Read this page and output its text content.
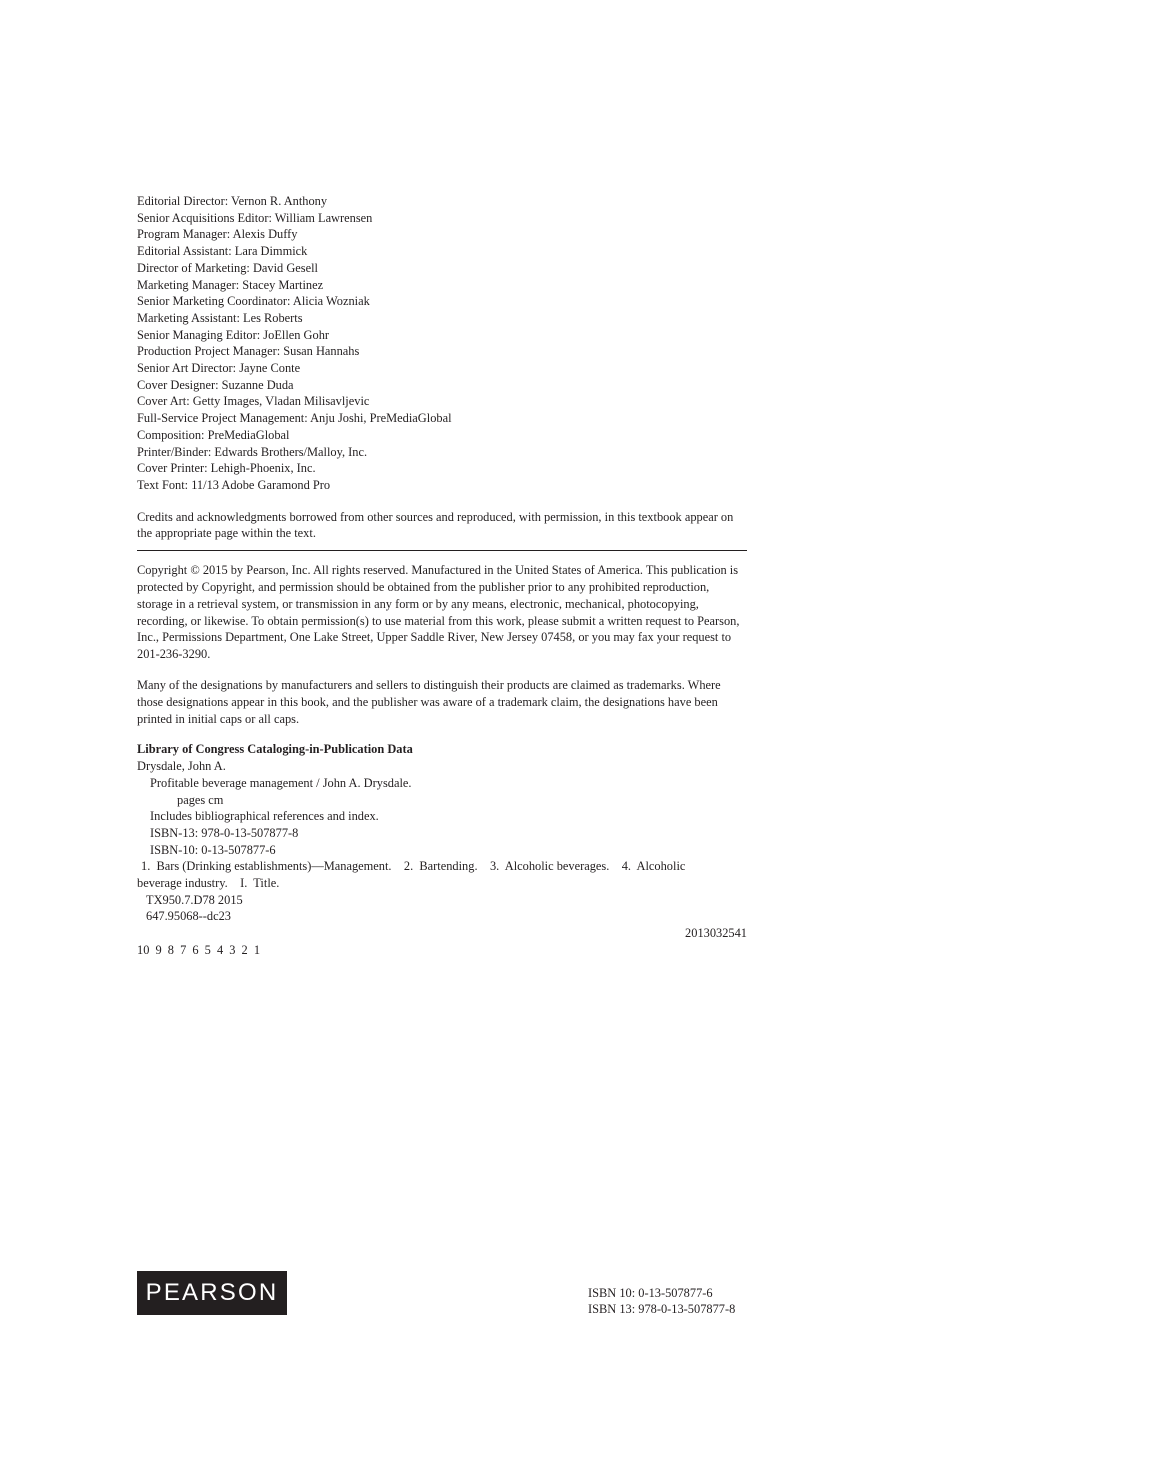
Editorial Director: Vernon R. Anthony
Senior Acquisitions Editor: William Lawrensen
Program Manager: Alexis Duffy
Editorial Assistant: Lara Dimmick
Director of Marketing: David Gesell
Marketing Manager: Stacey Martinez
Senior Marketing Coordinator: Alicia Wozniak
Marketing Assistant: Les Roberts
Senior Managing Editor: JoEllen Gohr
Production Project Manager: Susan Hannahs
Senior Art Director: Jayne Conte
Cover Designer: Suzanne Duda
Cover Art: Getty Images, Vladan Milisavljevic
Full-Service Project Management: Anju Joshi, PreMediaGlobal
Composition: PreMediaGlobal
Printer/Binder: Edwards Brothers/Malloy, Inc.
Cover Printer: Lehigh-Phoenix, Inc.
Text Font: 11/13 Adobe Garamond Pro

Credits and acknowledgments borrowed from other sources and reproduced, with permission, in this textbook appear on the appropriate page within the text.

Copyright © 2015 by Pearson, Inc. All rights reserved. Manufactured in the United States of America. This publication is protected by Copyright, and permission should be obtained from the publisher prior to any prohibited reproduction, storage in a retrieval system, or transmission in any form or by any means, electronic, mechanical, photocopying, recording, or likewise. To obtain permission(s) to use material from this work, please submit a written request to Pearson, Inc., Permissions Department, One Lake Street, Upper Saddle River, New Jersey 07458, or you may fax your request to 201-236-3290.

Many of the designations by manufacturers and sellers to distinguish their products are claimed as trademarks. Where those designations appear in this book, and the publisher was aware of a trademark claim, the designations have been printed in initial caps or all caps.

Library of Congress Cataloging-in-Publication Data
Drysdale, John A.
Profitable beverage management / John A. Drysdale.
pages cm
Includes bibliographical references and index.
ISBN-13: 978-0-13-507877-8
ISBN-10: 0-13-507877-6
1.  Bars (Drinking establishments)—Management.    2.  Bartending.    3.  Alcoholic beverages.    4.  Alcoholic beverage industry.    I.  Title.
TX950.7.D78 2015
647.95068--dc23
2013032541
10 9 8 7 6 5 4 3 2 1
PEARSON	ISBN 10: 0-13-507877-6
ISBN 13: 978-0-13-507877-8
